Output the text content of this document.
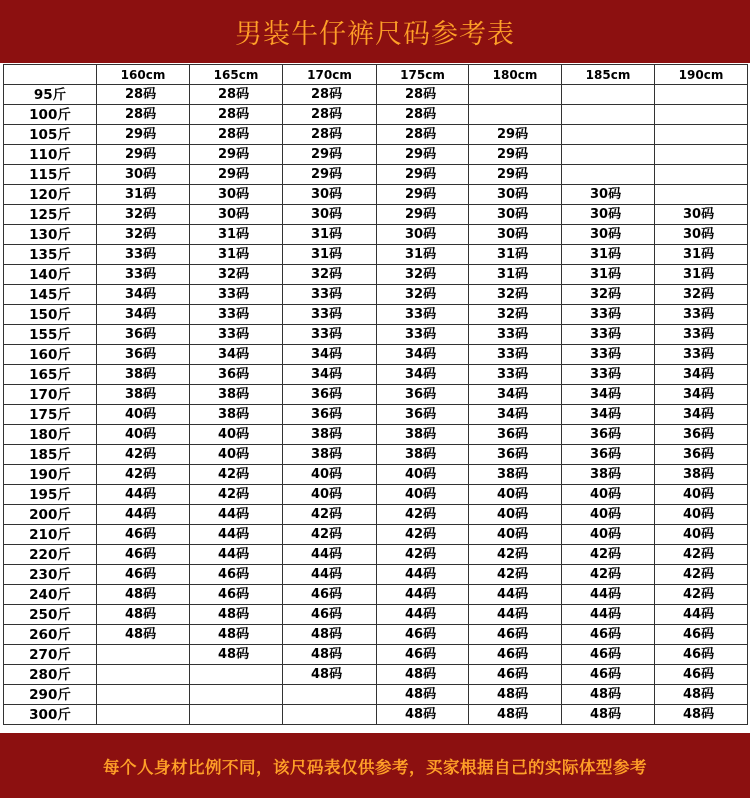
男装牛仔裤尺码参考表
	160cm	165cm	170cm	175cm	180cm	185cm	190cm
95斤	28码	28码	28码	28码			
100斤	28码	28码	28码	28码			
105斤	29码	28码	28码	28码	29码		
110斤	29码	29码	29码	29码	29码		
115斤	30码	29码	29码	29码	29码		
120斤	31码	30码	30码	29码	30码	30码	
125斤	32码	30码	30码	29码	30码	30码	30码
130斤	32码	31码	31码	30码	30码	30码	30码
135斤	33码	31码	31码	31码	31码	31码	31码
140斤	33码	32码	32码	32码	31码	31码	31码
145斤	34码	33码	33码	32码	32码	32码	32码
150斤	34码	33码	33码	33码	32码	33码	33码
155斤	36码	33码	33码	33码	33码	33码	33码
160斤	36码	34码	34码	34码	33码	33码	33码
165斤	38码	36码	34码	34码	33码	33码	34码
170斤	38码	38码	36码	36码	34码	34码	34码
175斤	40码	38码	36码	36码	34码	34码	34码
180斤	40码	40码	38码	38码	36码	36码	36码
185斤	42码	40码	38码	38码	36码	36码	36码
190斤	42码	42码	40码	40码	38码	38码	38码
195斤	44码	42码	40码	40码	40码	40码	40码
200斤	44码	44码	42码	42码	40码	40码	40码
210斤	46码	44码	42码	42码	40码	40码	40码
220斤	46码	44码	44码	42码	42码	42码	42码
230斤	46码	46码	44码	44码	42码	42码	42码
240斤	48码	46码	46码	44码	44码	44码	42码
250斤	48码	48码	46码	44码	44码	44码	44码
260斤	48码	48码	48码	46码	46码	46码	46码
270斤		48码	48码	46码	46码	46码	46码
280斤			48码	48码	46码	46码	46码
290斤				48码	48码	48码	48码
300斤				48码	48码	48码	48码
每个人身材比例不同，该尺码表仅供参考，买家根据自己的实际体型参考
